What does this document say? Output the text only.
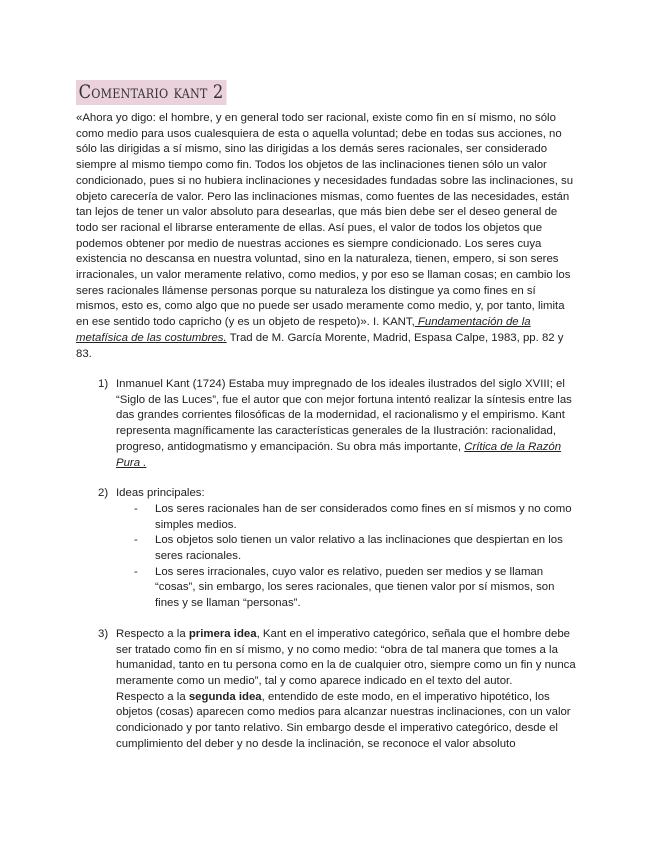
Comentario kant 2
«Ahora yo digo: el hombre, y en general todo ser racional, existe como fin en sí mismo, no sólo como medio para usos cualesquiera de esta o aquella voluntad; debe en todas sus acciones, no sólo las dirigidas a sí mismo, sino las dirigidas a los demás seres racionales, ser considerado siempre al mismo tiempo como fin. Todos los objetos de las inclinaciones tienen sólo un valor condicionado, pues si no hubiera inclinaciones y necesidades fundadas sobre las inclinaciones, su objeto carecería de valor. Pero las inclinaciones mismas, como fuentes de las necesidades, están tan lejos de tener un valor absoluto para desearlas, que más bien debe ser el deseo general de todo ser racional el librarse enteramente de ellas. Así pues, el valor de todos los objetos que podemos obtener por medio de nuestras acciones es siempre condicionado. Los seres cuya existencia no descansa en nuestra voluntad, sino en la naturaleza, tienen, empero, si son seres irracionales, un valor meramente relativo, como medios, y por eso se llaman cosas; en cambio los seres racionales llámense personas porque su naturaleza los distingue ya como fines en sí mismos, esto es, como algo que no puede ser usado meramente como medio, y, por tanto, limita en ese sentido todo capricho (y es un objeto de respeto)». I. KANT, Fundamentación de la metafísica de las costumbres. Trad de M. García Morente, Madrid, Espasa Calpe, 1983, pp. 82 y 83.
1) Inmanuel Kant (1724) Estaba muy impregnado de los ideales ilustrados del siglo XVIII; el “Siglo de las Luces”, fue el autor que con mejor fortuna intentó realizar la síntesis entre las das grandes corrientes filosóficas de la modernidad, el racionalismo y el empirismo. Kant representa magníficamente las características generales de la Ilustración: racionalidad, progreso, antidogmatismo y emancipación. Su obra más importante, Crítica de la Razón Pura .

2) Ideas principales:

- Los seres racionales han de ser considerados como fines en sí mismos y no como simples medios.
- Los objetos solo tienen un valor relativo a las inclinaciones que despiertan en los seres racionales.
- Los seres irracionales, cuyo valor es relativo, pueden ser medios y se llaman “cosas”, sin embargo, los seres racionales, que tienen valor por sí mismos, son fines y se llaman “personas”.
3) Respecto a la primera idea, Kant en el imperativo categórico, señala que el hombre debe ser tratado como fin en sí mismo, y no como medio: “obra de tal manera que tomes a la humanidad, tanto en tu persona como en la de cualquier otro, siempre como un fin y nunca meramente como un medio”, tal y como aparece indicado en el texto del autor.

Respecto a la segunda idea, entendido de este modo, en el imperativo hipotético, los objetos (cosas) aparecen como medios para alcanzar nuestras inclinaciones, con un valor condicionado y por tanto relativo. Sin embargo desde el imperativo categórico, desde el cumplimiento del deber y no desde la inclinación, se reconoce el valor absoluto
